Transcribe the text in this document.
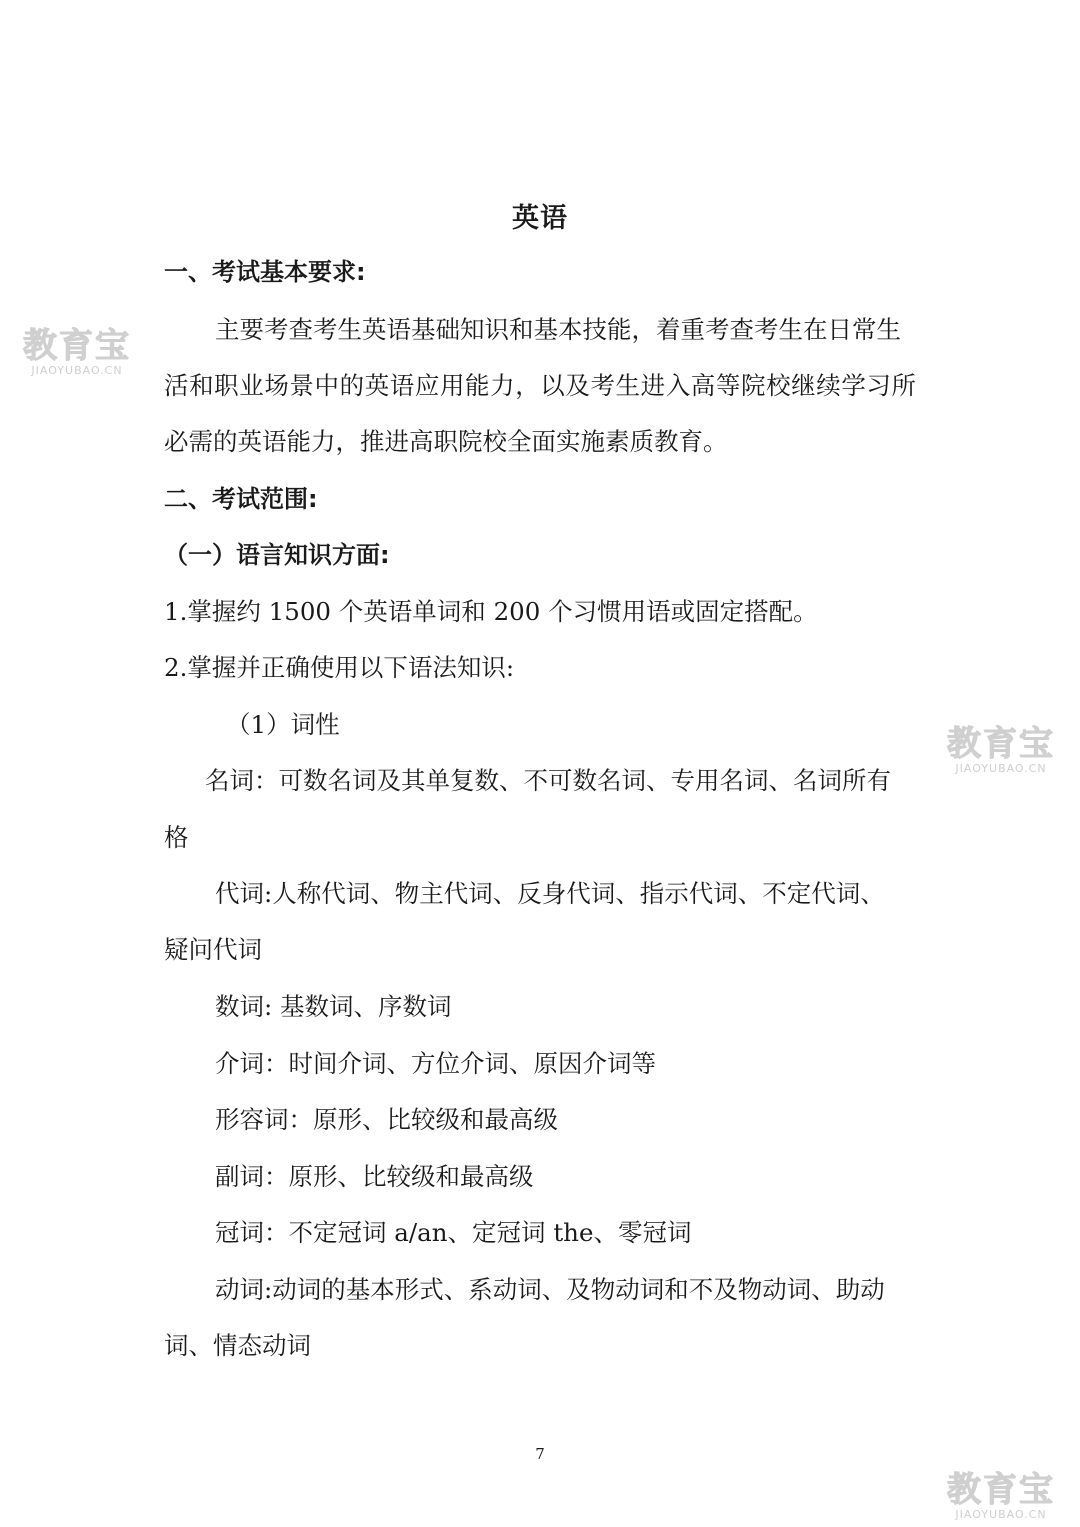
英语
一、考试基本要求:
主要考查考生英语基础知识和基本技能，着重考查考生在日常生
活和职业场景中的英语应用能力，以及考生进入高等院校继续学习所
必需的英语能力，推进高职院校全面实施素质教育。
二、考试范围:
（一）语言知识方面:
1.掌握约 1500 个英语单词和 200 个习惯用语或固定搭配。
2.掌握并正确使用以下语法知识:
（1）词性
名词：可数名词及其单复数、不可数名词、专用名词、名词所有
格
代词:人称代词、物主代词、反身代词、指示代词、不定代词、
疑问代词
数词: 基数词、序数词
介词：时间介词、方位介词、原因介词等
形容词：原形、比较级和最高级
副词：原形、比较级和最高级
冠词：不定冠词 a/an、定冠词 the、零冠词
动词:动词的基本形式、系动词、及物动词和不及物动词、助动
词、情态动词
7
教育宝
JIAOYUBAO.CN
教育宝
JIAOYUBAO.CN
教育宝
JIAOYUBAO.CN
